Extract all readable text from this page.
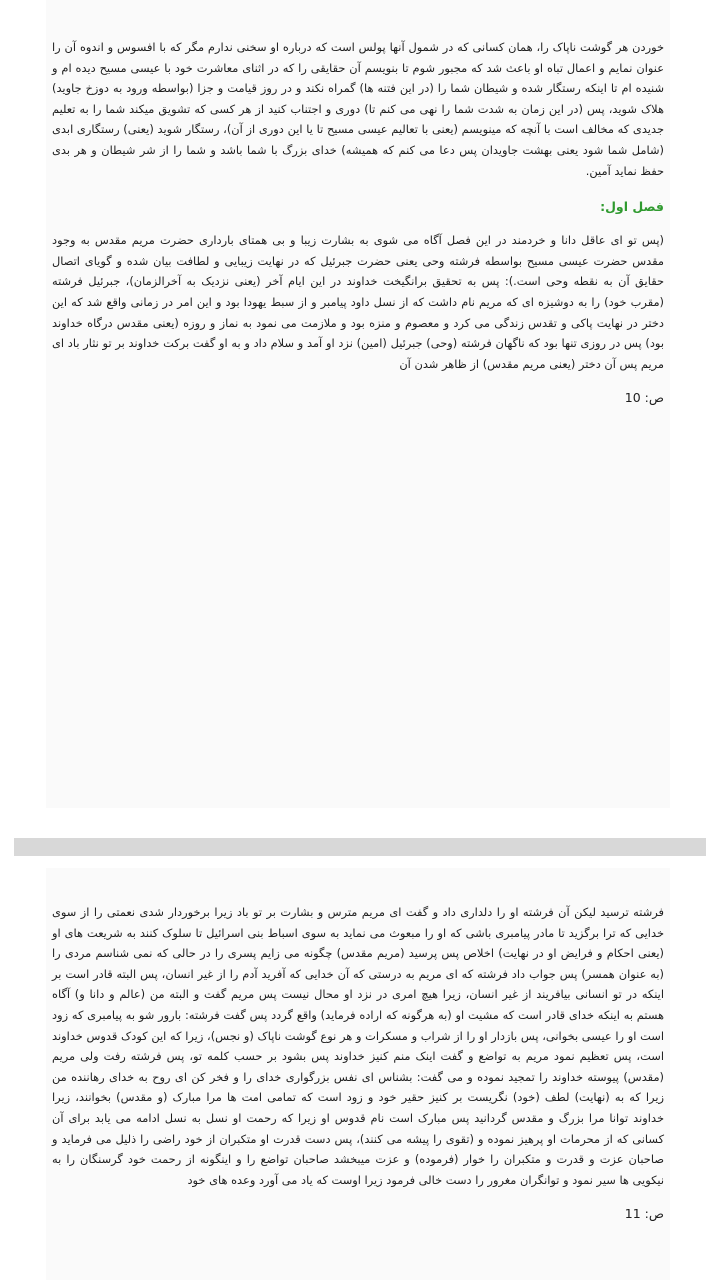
خوردن هر گوشت ناپاک را، همان کسانی که در شمول آنها پولس است که درباره او سخنی ندارم مگر که با افسوس و اندوه آن را عنوان نمایم و اعمال تباه او باعث شد که مجبور شوم تا بنویسم آن حقایقی را که در اثنای معاشرت خود با عیسی مسیح دیده ام و شنیده ام تا اینکه رستگار شده و شیطان شما را (در این فتنه ها) گمراه نکند و در روز قیامت و جزا (بواسطه ورود به دوزخ جاوید) هلاک شوید، پس (در این زمان به شدت شما را نهی می کنم تا) دوری و اجتناب کنید از هر کسی که تشویق میکند شما را به تعلیم جدیدی که مخالف است با آنچه که مینویسم (یعنی با تعالیم عیسی مسیح تا یا این دوری از آن)، رستگار شوید (یعنی) رستگاری ابدی (شامل شما شود یعنی بهشت جاویدان پس دعا می کنم که همیشه) خدای بزرگ با شما باشد و شما را از شر شیطان و هر بدی حفظ نماید آمین.

فصل اول:

(پس تو ای عاقل دانا و خردمند در این فصل آگاه می شوی به بشارت زیبا و بی همتای بارداری حضرت مریم مقدس به وجود مقدس حضرت عیسی مسیح بواسطه فرشته وحی یعنی حضرت جبرئیل که در نهایت زیبایی و لطافت بیان شده و گویای اتصال حقایق آن به نقطه وحی است.): پس به تحقیق برانگیخت خداوند در این ایام آخر (یعنی نزدیک به آخرالزمان)، جبرئیل فرشته (مقرب خود) را به دوشیزه ای که مریم نام داشت که از نسل داود پیامبر و از سبط یهودا بود و این امر در زمانی واقع شد که این دختر در نهایت پاکی و تقدس زندگی می کرد و معصوم و منزه بود و ملازمت می نمود به نماز و روزه (یعنی مقدس درگاه خداوند بود) پس در روزی تنها بود که ناگهان فرشته (وحی) جبرئیل (امین) نزد او آمد و سلام داد و به او گفت برکت خداوند بر تو نثار باد ای مریم پس آن دختر (یعنی مریم مقدس) از ظاهر شدن آن

ص: 10

فرشته ترسید لیکن آن فرشته او را دلداری داد و گفت ای مریم مترس و بشارت بر تو باد زیرا برخوردار شدی نعمتی را از سوی خدایی که ترا برگزید تا مادر پیامبری باشی که او را مبعوث می نماید به سوی اسباط بنی اسرائیل تا سلوک کنند به شریعت های او (یعنی احکام و فرایض او در نهایت) اخلاص پس پرسید (مریم مقدس) چگونه می زایم پسری را در حالی که نمی شناسم مردی را (به عنوان همسر) پس جواب داد فرشته که ای مریم به درستی که آن خدایی که آفرید آدم را از غیر انسان، پس البته قادر است بر اینکه در تو انسانی بیافریند از غیر انسان، زیرا هیچ امری در نزد او محال نیست پس مریم گفت و البته من (عالم و دانا و) آگاه هستم به اینکه خدای قادر است که مشیت او (به هرگونه که اراده فرماید) واقع گردد پس گفت فرشته: بارور شو به پیامبری که زود است او را عیسی بخوانی، پس بازدار او را از شراب و مسکرات و هر نوع گوشت ناپاک (و نجس)، زیرا که این کودک قدوس خداوند است، پس تعظیم نمود مریم به تواضع و گفت اینک منم کنیز خداوند پس بشود بر حسب کلمه تو، پس فرشته رفت ولی مریم (مقدس) پیوسته خداوند را تمجید نموده و می گفت: بشناس ای نفس بزرگواری خدای را و فخر کن ای روح به خدای رهاننده من زیرا که به (نهایت) لطف (خود) نگریست بر کنیز حقیر خود و زود است که تمامی امت ها مرا مبارک (و مقدس) بخوانند، زیرا خداوند توانا مرا بزرگ و مقدس گردانید پس مبارک است نام قدوس او زیرا که رحمت او نسل به نسل ادامه می یابد برای آن کسانی که از محرمات او پرهیز نموده و (تقوی را پیشه می کنند)، پس دست قدرت او متکبران از خود راضی را ذلیل می فرماید و صاحبان عزت و قدرت و متکبران را خوار (فرموده) و عزت میبخشد صاحبان تواضع را و اینگونه از رحمت خود گرسنگان را به نیکویی ها سیر نمود و توانگران مغرور را دست خالی فرمود زیرا اوست که یاد می آورد وعده های خود

ص: 11
